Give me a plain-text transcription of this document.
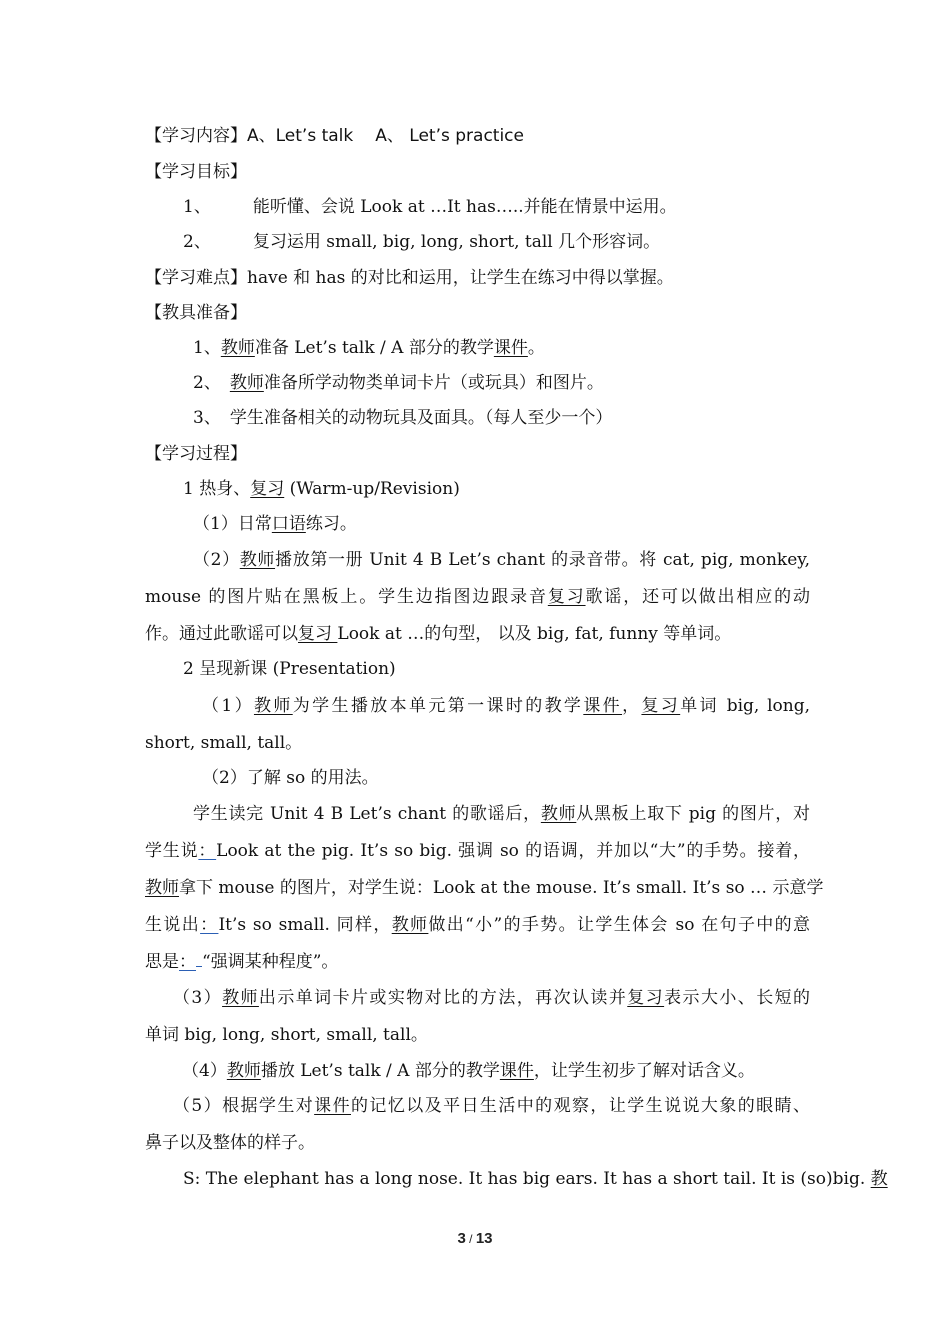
【学习内容】A、Let’s talk A、 Let’s practice
【学习目标】
1、 能听懂、会说 Look at …It has…..并能在情景中运用。
2、 复习运用 small, big, long, short, tall 几个形容词。
【学习难点】have 和 has 的对比和运用，让学生在练习中得以掌握。
【教具准备】
1、教师准备 Let’s talk / A 部分的教学课件。
2、 教师准备所学动物类单词卡片（或玩具）和图片。
3、 学生准备相关的动物玩具及面具。（每人至少一个）
【学习过程】
1 热身、复习 (Warm-up/Revision)
（1）日常口语练习。
（2）教师播放第一册 Unit 4 B Let’s chant 的录音带。将 cat, pig, monkey,
mouse 的图片贴在黑板上。学生边指图边跟录音复习歌谣，还可以做出相应的动
作。通过此歌谣可以复习 Look at …的句型， 以及 big, fat, funny 等单词。
2 呈现新课 (Presentation)
（1）教师为学生播放本单元第一课时的教学课件，复习单词 big, long,
short, small, tall。
（2）了解 so 的用法。
学生读完 Unit 4 B Let’s chant 的歌谣后，教师从黑板上取下 pig 的图片，对
学生说：Look at the pig. It’s so big. 强调 so 的语调，并加以“大”的手势。接着，
教师拿下 mouse 的图片，对学生说：Look at the mouse. It’s small. It’s so … 示意学
生说出：It’s so small. 同样，教师做出“小”的手势。让学生体会 so 在句子中的意
思是： “强调某种程度”。
（3）教师出示单词卡片或实物对比的方法，再次认读并复习表示大小、长短的
单词 big, long, short, small, tall。
（4）教师播放 Let’s talk / A 部分的教学课件，让学生初步了解对话含义。
（5）根据学生对课件的记忆以及平日生活中的观察，让学生说说大象的眼睛、
鼻子以及整体的样子。
S: The elephant has a long nose. It has big ears. It has a short tail. It is (so)big. 教
3 / 13
